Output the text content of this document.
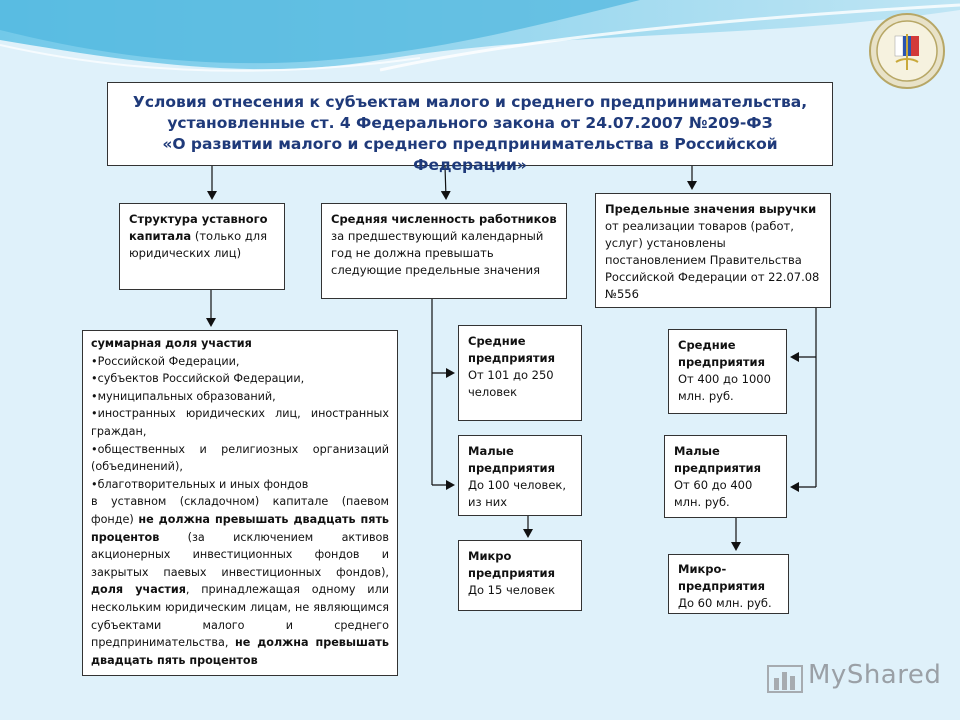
Условия отнесения к субъектам малого и среднего предпринимательства,
установленные ст. 4 Федерального закона от 24.07.2007 №209-ФЗ
«О развитии малого и среднего предпринимательства в Российской Федерации»
Структура уставного капитала (только для юридических лиц)
суммарная доля участия
•Российской Федерации,
•субъектов Российской Федерации,
•муниципальных образований,
•иностранных юридических лиц, иностранных граждан,
•общественных и религиозных организаций (объединений),
•благотворительных и иных фондов
в уставном (складочном) капитале (паевом фонде) не должна превышать двадцать пять процентов (за исключением активов акционерных инвестиционных фондов и закрытых паевых инвестиционных фондов), доля участия, принадлежащая одному или нескольким юридическим лицам, не являющимся субъектами малого и среднего предпринимательства, не должна превышать двадцать пять процентов
Средняя численность работников за предшествующий календарный год не должна превышать следующие предельные значения
Средние предприятия
От 101 до 250 человек
Малые предприятия
До 100 человек, из них
Микро предприятия
До 15 человек
Предельные значения выручки от реализации товаров (работ, услуг) установлены постановлением Правительства Российской Федерации от 22.07.08 №556
Средние предприятия
От 400 до 1000 млн. руб.
Малые предприятия
От 60 до 400 млн. руб.
Микро-предприятия
До 60 млн. руб.
MyShared
